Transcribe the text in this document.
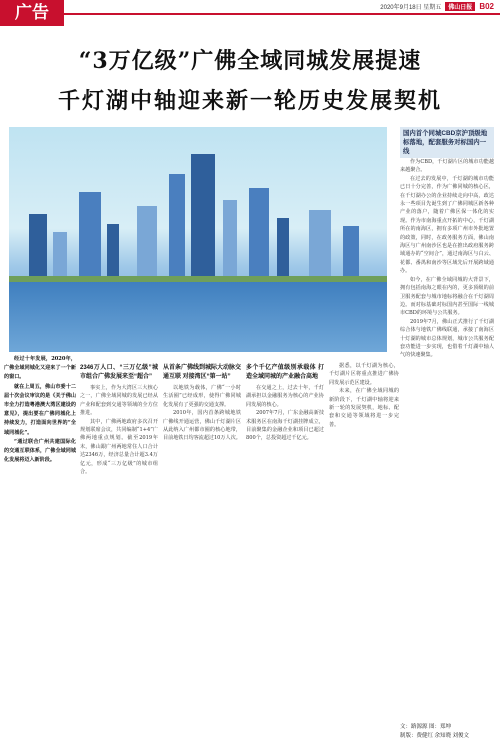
广告	2020年9月18日 星期五	佛山日报 B02
“3万亿级”广佛全域同城发展提速
千灯湖中轴迎来新一轮历史发展契机
国内首个同城CBD京沪顶级地标落地，配套服务对标国内一线

作为CBD，千灯湖片区的城市功能越来越聚合。

在过去的发展中，千灯湖的城市功能已日十分完善，作为广佛同城的核心区，在千灯湖办公的企业持续走向中高，政达永一些项目先诞生到了广佛同城区新各种产业的落户，随着广佛区保一体化的实现。作为市南海重点开拓的中心，千灯湖所在的南海区，拥有多项广州市外批地置的政策，同时，在政务服务方面，佛山南海区与广州南沙区也是在推出政府服务跨域通办的“空间合”，通过南海区与白云、花都、番禺和南沙等区域先后开展跨域通办。

如今，在广佛全域同城的大背景下，拥有包括南海之眼在内的，更多顶级的前卫服务配套与城市地标将融合在千灯湖周边。而对标基础对标国内甚至国际一线城市CBD的环境与公共服务。

2019年7月，佛山正式推行了千灯湖综合体与地铁广佛线联通，承接了南海区十灯湖的城市总体规划，城市公共服务配套功能进一步实现，也借着千灯湖中轴人气的快速聚集。

经过十年发展，2020年，广佛全域同城化又迎来了一个新的窗口。

就在上周五，佛山市委十二届十次会议审议的是《关于佛山市全力打造粤港澳大湾区建设的意见》，提出要在广佛同城化上持续发力，打造面向世界的“全域同城化”。

“通过联合广州共建国际化的交通互联体系，广佛全域同城化发展将迈入新阶段。

2346万人口、“三万亿级”城市组合广佛发展来至“超合”

事实上，作为大湾区三大核心之一，广佛全域同城的发展已经从产业和配套到交通等领域的全方位推进。

其中，广佛两地政府多次召开规划联席会议，共同编制“1+4”广佛两地重点规划。截至2019年末，佛山跟广州两地常住人口合计达2346万，经济总量合计超3.4万亿元，形成“三万亿级”的城市组合。

从首条广佛线到城际大动脉交通互联 对接湾区“第一站”

以地铁为载体，广佛“一小时生活圈”已经成形，使得广佛同城化发展有了更强的交通支撑。

2010年，国内首条跨城地铁广佛线开通运营，佛山千灯湖片区从此纳入广州都市圈的核心地带，目前地铁日均客流超过10万人次。

多个千亿产值级别承载体 打造全域同城的产业融合高地

在交通之上，过去十年，千灯湖承担以金融服务为核心的产业协同发展的核心。

2007年7月，广东金融高新技术服务区在南海千灯湖挂牌成立，目前聚集的金融企业和项目已超过800个，总投资超过千亿元。

据悉，以千灯湖为核心，千灯湖片区将重点推进广佛协同发展示范区建设。

未来，在广佛全域同城的新阶段下，千灯湖中轴将迎来新一轮的发展契机，地标、配套和交通等领域将进一步完善。

文：路源源 图：郑坤
制版：费健红 余知晓 刘俊文
